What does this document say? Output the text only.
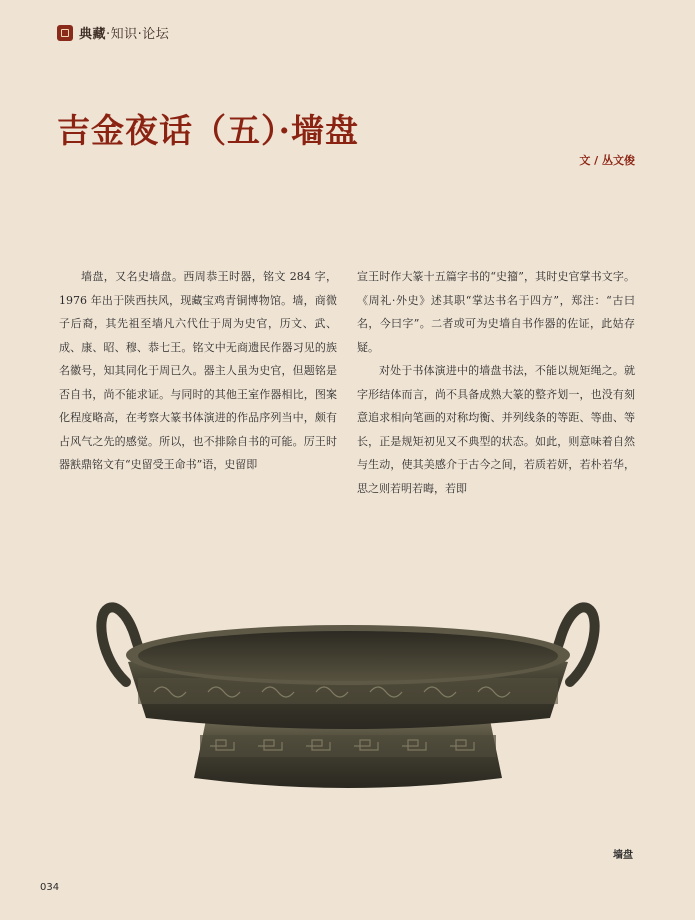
典藏·知识·论坛
吉金夜话（五）·墙盘
文 / 丛文俊

墙盘，又名史墙盘。西周恭王时器，铭文 284 字，1976 年出于陕西扶风，现藏宝鸡青铜博物馆。墙，商微子后裔，其先祖至墙凡六代仕于周为史官，历文、武、成、康、昭、穆、恭七王。铭文中无商遗民作器习见的族名徽号，知其同化于周已久。器主人虽为史官，但题铭是否自书，尚不能求证。与同时的其他王室作器相比，图案化程度略高，在考察大篆书体演进的作品序列当中，颇有占风气之先的感觉。所以，也不排除自书的可能。厉王时器㝬鼎铭文有“史留受王命书”语，史留即

宣王时作大篆十五篇字书的“史籀”，其时史官掌书文字。《周礼·外史》述其职“掌达书名于四方”，郑注：“古曰名，今曰字”。二者或可为史墙自书作器的佐证，此姑存疑。

对处于书体演进中的墙盘书法，不能以规矩绳之。就字形结体而言，尚不具备成熟大篆的整齐划一，也没有刻意追求相向笔画的对称均衡、并列线条的等距、等曲、等长，正是规矩初见又不典型的状态。如此，则意味着自然与生动，使其美感介于古今之间，若质若妍，若朴若华，思之则若明若晦，若即

墙盘
034
